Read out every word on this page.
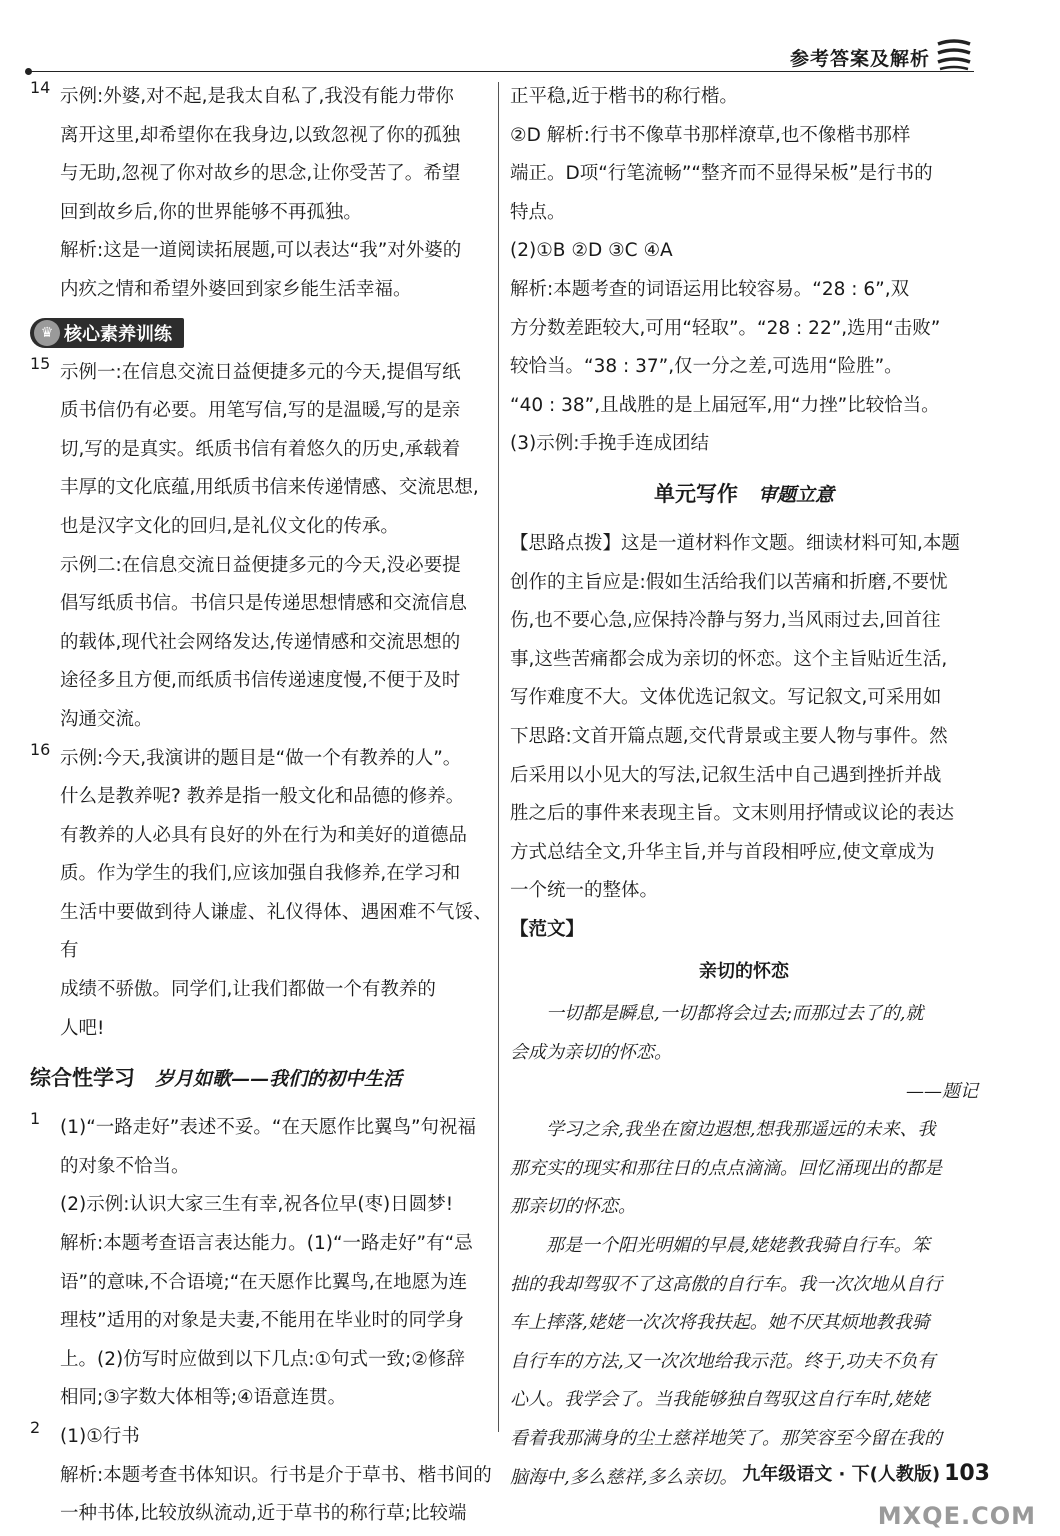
参考答案及解析
14 示例:外婆,对不起,是我太自私了,我没有能力带你

离开这里,却希望你在我身边,以致忽视了你的孤独

与无助,忽视了你对故乡的思念,让你受苦了。希望

回到故乡后,你的世界能够不再孤独。

解析:这是一道阅读拓展题,可以表达“我”对外婆的

内疚之情和希望外婆回到家乡能生活幸福。

♛ 核心素养训练
15 示例一:在信息交流日益便捷多元的今天,提倡写纸

质书信仍有必要。用笔写信,写的是温暖,写的是亲

切,写的是真实。纸质书信有着悠久的历史,承载着

丰厚的文化底蕴,用纸质书信来传递情感、交流思想,

也是汉字文化的回归,是礼仪文化的传承。

示例二:在信息交流日益便捷多元的今天,没必要提

倡写纸质书信。书信只是传递思想情感和交流信息

的载体,现代社会网络发达,传递情感和交流思想的

途径多且方便,而纸质书信传递速度慢,不便于及时

沟通交流。

16 示例:今天,我演讲的题目是“做一个有教养的人”。

什么是教养呢? 教养是指一般文化和品德的修养。

有教养的人必具有良好的外在行为和美好的道德品

质。作为学生的我们,应该加强自我修养,在学习和

生活中要做到待人谦虚、礼仪得体、遇困难不气馁、有

成绩不骄傲。同学们,让我们都做一个有教养的

人吧!

综合性学习 岁月如歌——我们的初中生活
1 (1)“一路走好”表述不妥。“在天愿作比翼鸟”句祝福

的对象不恰当。

(2)示例:认识大家三生有幸,祝各位早(枣)日圆梦!

解析:本题考查语言表达能力。(1)“一路走好”有“忌

语”的意味,不合语境;“在天愿作比翼鸟,在地愿为连

理枝”适用的对象是夫妻,不能用在毕业时的同学身

上。(2)仿写时应做到以下几点:①句式一致;②修辞

相同;③字数大体相等;④语意连贯。

2 (1)①行书

解析:本题考查书体知识。行书是介于草书、楷书间的

一种书体,比较放纵流动,近于草书的称行草;比较端

正平稳,近于楷书的称行楷。

②D 解析:行书不像草书那样潦草,也不像楷书那样

端正。D项“行笔流畅”“整齐而不显得呆板”是行书的

特点。

(2)①B ②D ③C ④A

解析:本题考查的词语运用比较容易。“28 : 6”,双

方分数差距较大,可用“轻取”。“28 : 22”,选用“击败”

较恰当。“38 : 37”,仅一分之差,可选用“险胜”。

“40 : 38”,且战胜的是上届冠军,用“力挫”比较恰当。

(3)示例:手挽手连成团结

单元写作 审题立意

【思路点拨】这是一道材料作文题。细读材料可知,本题

创作的主旨应是:假如生活给我们以苦痛和折磨,不要忧

伤,也不要心急,应保持冷静与努力,当风雨过去,回首往

事,这些苦痛都会成为亲切的怀恋。这个主旨贴近生活,

写作难度不大。文体优选记叙文。写记叙文,可采用如

下思路:文首开篇点题,交代背景或主要人物与事件。然

后采用以小见大的写法,记叙生活中自己遇到挫折并战

胜之后的事件来表现主旨。文末则用抒情或议论的表达

方式总结全文,升华主旨,并与首段相呼应,使文章成为

一个统一的整体。

【范文】

亲切的怀恋

一切都是瞬息,一切都将会过去;而那过去了的,就

会成为亲切的怀恋。

——题记

学习之余,我坐在窗边遐想,想我那遥远的未来、我

那充实的现实和那往日的点点滴滴。回忆涌现出的都是

那亲切的怀恋。

那是一个阳光明媚的早晨,姥姥教我骑自行车。笨

拙的我却驾驭不了这高傲的自行车。我一次次地从自行

车上摔落,姥姥一次次将我扶起。她不厌其烦地教我骑

自行车的方法,又一次次地给我示范。终于,功夫不负有

心人。我学会了。当我能够独自驾驭这自行车时,姥姥

看着我那满身的尘土慈祥地笑了。那笑容至今留在我的

脑海中,多么慈祥,多么亲切。 九年级语文 · 下(人教版) 103
MXQE.COM
